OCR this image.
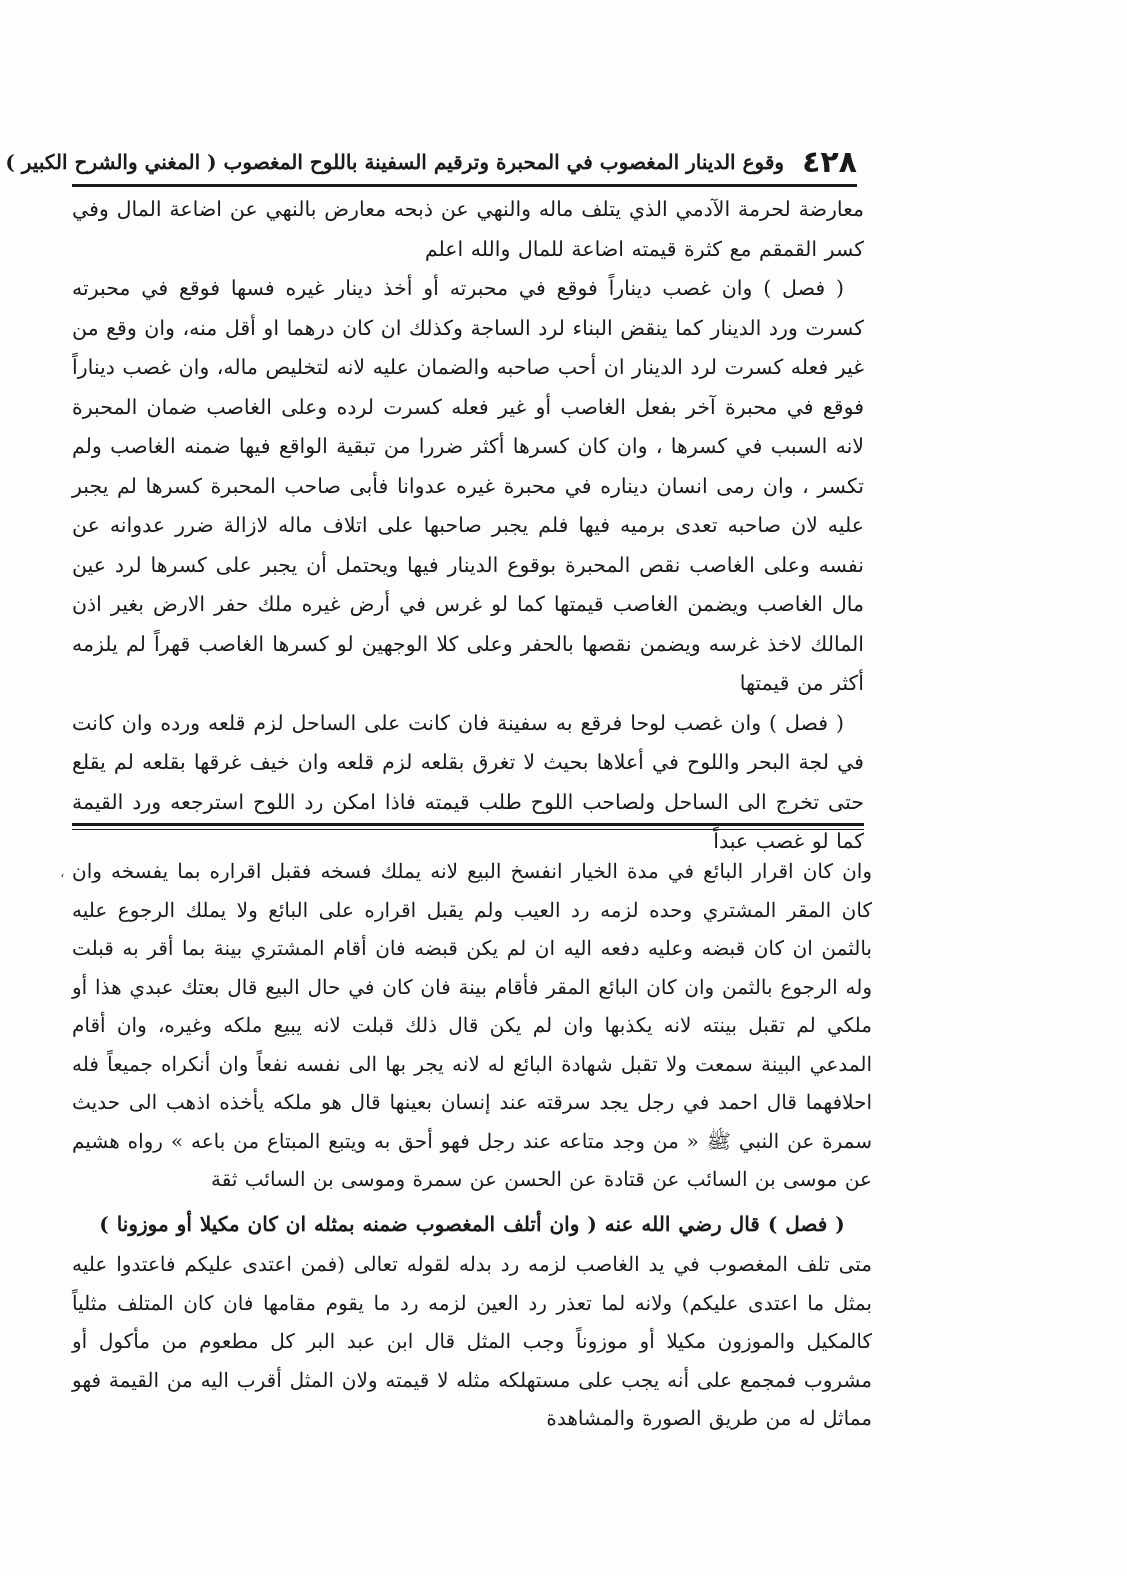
٤٢٨
وقوع الدينار المغصوب في المحبرة وترقيم السفينة باللوح المغصوب ( المغني والشرح الكبير )

معارضة لحرمة الآدمي الذي يتلف ماله والنهي عن ذبحه معارض بالنهي عن اضاعة المال وفي كسر القمقم مع كثرة قيمته اضاعة للمال والله اعلم

( فصل ) وان غصب ديناراً فوقع في محبرته أو أخذ دينار غيره فسها فوقع في محبرته كسرت ورد الدينار كما ينقض البناء لرد الساجة وكذلك ان كان درهما او أقل منه، وان وقع من غير فعله كسرت لرد الدينار ان أحب صاحبه والضمان عليه لانه لتخليص ماله، وان غصب ديناراً فوقع في محبرة آخر بفعل الغاصب أو غير فعله كسرت لرده وعلى الغاصب ضمان المحبرة لانه السبب في كسرها ، وان كان كسرها أكثر ضررا من تبقية الواقع فيها ضمنه الغاصب ولم تكسر ، وان رمى انسان ديناره في محبرة غيره عدوانا فأبى صاحب المحبرة كسرها لم يجبر عليه لان صاحبه تعدى برميه فيها فلم يجبر صاحبها على اتلاف ماله لازالة ضرر عدوانه عن نفسه وعلى الغاصب نقص المحبرة بوقوع الدينار فيها ويحتمل أن يجبر على كسرها لرد عين مال الغاصب ويضمن الغاصب قيمتها كما لو غرس في أرض غيره ملك حفر الارض بغير اذن المالك لاخذ غرسه ويضمن نقصها بالحفر وعلى كلا الوجهين لو كسرها الغاصب قهراً لم يلزمه أكثر من قيمتها

( فصل ) وان غصب لوحا فرقع به سفينة فان كانت على الساحل لزم قلعه ورده وان كانت في لجة البحر واللوح في أعلاها بحيث لا تغرق بقلعه لزم قلعه وان خيف غرقها بقلعه لم يقلع حتى تخرج الى الساحل ولصاحب اللوح طلب قيمته فاذا امكن رد اللوح استرجعه ورد القيمة كما لو غصب عبداً

، وان كان اقرار البائع في مدة الخيار انفسخ البيع لانه يملك فسخه فقبل اقراره بما يفسخه وان كان المقر المشتري وحده لزمه رد العيب ولم يقبل اقراره على البائع ولا يملك الرجوع عليه بالثمن ان كان قبضه وعليه دفعه اليه ان لم يكن قبضه فان أقام المشتري بينة بما أقر به قبلت وله الرجوع بالثمن وان كان البائع المقر فأقام بينة فان كان في حال البيع قال بعتك عبدي هذا أو ملكي لم تقبل بينته لانه يكذبها وان لم يكن قال ذلك قبلت لانه يبيع ملكه وغيره، وان أقام المدعي البينة سمعت ولا تقبل شهادة البائع له لانه يجر بها الى نفسه نفعاً وان أنكراه جميعاً فله احلافهما قال احمد في رجل يجد سرقته عند إنسان بعينها قال هو ملكه يأخذه اذهب الى حديث سمرة عن النبي ﷺ « من وجد متاعه عند رجل فهو أحق به ويتبع المبتاع من باعه » رواه هشيم عن موسى بن السائب عن قتادة عن الحسن عن سمرة وموسى بن السائب ثقة

( فصل ) قال رضي الله عنه ( وان أتلف المغصوب ضمنه بمثله ان كان مكيلا أو موزونا )

متى تلف المغصوب في يد الغاصب لزمه رد بدله لقوله تعالى (فمن اعتدى عليكم فاعتدوا عليه بمثل ما اعتدى عليكم) ولانه لما تعذر رد العين لزمه رد ما يقوم مقامها فان كان المتلف مثلياً كالمكيل والموزون مكيلا أو موزوناً وجب المثل قال ابن عبد البر كل مطعوم من مأكول أو مشروب فمجمع على أنه يجب على مستهلكه مثله لا قيمته ولان المثل أقرب اليه من القيمة فهو مماثل له من طريق الصورة والمشاهدة
